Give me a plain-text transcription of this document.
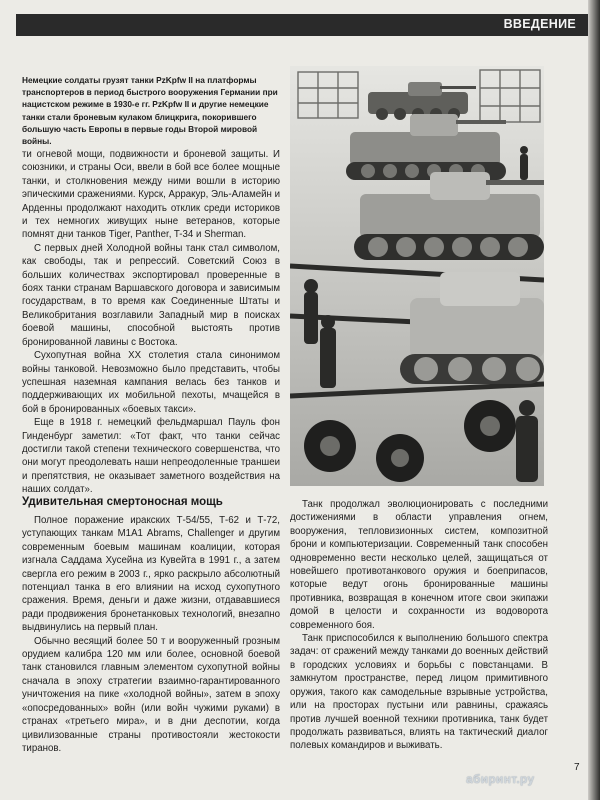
ВВЕДЕНИЕ

Немецкие солдаты грузят танки PzKpfw II на платформы транспортеров в период быстрого вооружения Германии при нацистском режиме в 1930-е гг. PzKpfw II и другие немецкие танки стали броневым кулаком блицкрига, покорившего большую часть Европы в первые годы Второй мировой войны.

ти огневой мощи, подвижности и броневой защиты. И союзники, и страны Оси, ввели в бой все более мощные танки, и столкновения между ними вошли в историю эпическими сражениями. Курск, Арракур, Эль-Аламейн и Арденны продолжают находить отклик среди историков и тех немногих живущих ныне ветеранов, которые помнят дни танков Tiger, Panther, T-34 и Sherman.

С первых дней Холодной войны танк стал символом, как свободы, так и репрессий. Советский Союз в больших количествах экспортировал проверенные в боях танки странам Варшавского договора и зависимым государствам, в то время как Соединенные Штаты и Великобритания возглавили Западный мир в поисках боевой машины, способной выстоять против бронированной лавины с Востока.

Сухопутная война XX столетия стала синонимом войны танковой. Невозможно было представить, чтобы успешная наземная кампания велась без танков и поддерживающих их мобильной пехоты, мчащейся в бой в бронированных «боевых такси».

Еще в 1918 г. немецкий фельдмаршал Пауль фон Гинденбург заметил: «Тот факт, что танки сейчас достигли такой степени технического совершенства, что они могут преодолевать наши непреодоленные траншеи и препятствия, не оказывает заметного воздействия на наших солдат».

Удивительная смертоносная мощь

Полное поражение иракских Т-54/55, Т-62 и Т-72, уступающих танкам M1A1 Abrams, Challenger и другим современным боевым машинам коалиции, которая изгнала Саддама Хусейна из Кувейта в 1991 г., а затем свергла его режим в 2003 г., ярко раскрыло абсолютный потенциал танка в его влиянии на исход сухопутного сражения. Время, деньги и даже жизни, отдававшиеся ради продвижения бронетанковых технологий, внезапно выдвинулись на первый план.

Обычно весящий более 50 т и вооруженный грозным орудием калибра 120 мм или более, основной боевой танк становился главным элементом сухопутной войны сначала в эпоху стратегии взаимно-гарантированного уничтожения на пике «холодной войны», затем в эпоху «опосредованных» войн (или войн чужими руками) в странах «третьего мира», и в дни деспотии, когда цивилизованные страны противостояли жестокости тиранов.

Танк продолжал эволюционировать с последними достижениями в области управления огнем, вооружения, тепловизионных систем, композитной брони и компьютеризации. Современный танк способен одновременно вести несколько целей, защищаться от новейшего противотанкового оружия и боеприпасов, которые ведут огонь бронированные машины противника, возвращая в конечном итоге свои экипажи домой в целости и сохранности из водоворота современного боя.

Танк приспособился к выполнению большого спектра задач: от сражений между танками до военных действий в городских условиях и борьбы с повстанцами. В замкнутом пространстве, перед лицом примитивного оружия, такого как самодельные взрывные устройства, или на просторах пустыни или равнины, сражаясь против лучшей военной техники противника, танк будет продолжать развиваться, влиять на тактический диалог полевых командиров и выживать.

абиринт.ру
7
